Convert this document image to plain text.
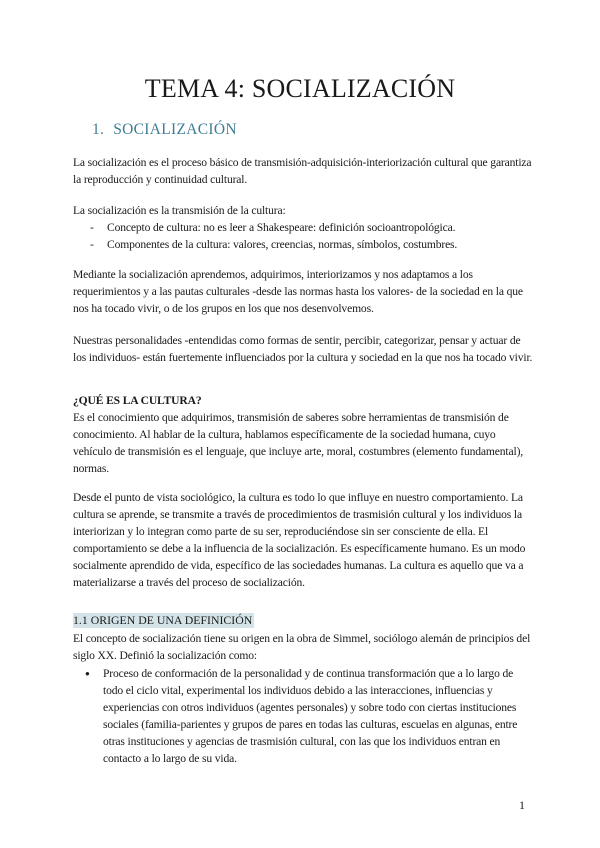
TEMA 4: SOCIALIZACIÓN
1. SOCIALIZACIÓN

La socialización es el proceso básico de transmisión-adquisición-interiorización cultural que garantiza la reproducción y continuidad cultural.

La socialización es la transmisión de la cultura:

- Concepto de cultura: no es leer a Shakespeare: definición socioantropológica.
- Componentes de la cultura: valores, creencias, normas, símbolos, costumbres.

Mediante la socialización aprendemos, adquirimos, interiorizamos y nos adaptamos a los requerimientos y a las pautas culturales -desde las normas hasta los valores- de la sociedad en la que nos ha tocado vivir, o de los grupos en los que nos desenvolvemos.

Nuestras personalidades -entendidas como formas de sentir, percibir, categorizar, pensar y actuar de los individuos- están fuertemente influenciados por la cultura y sociedad en la que nos ha tocado vivir.

¿QUÉ ES LA CULTURA?

Es el conocimiento que adquirimos, transmisión de saberes sobre herramientas de transmisión de conocimiento. Al hablar de la cultura, hablamos específicamente de la sociedad humana, cuyo vehículo de transmisión es el lenguaje, que incluye arte, moral, costumbres (elemento fundamental), normas.

Desde el punto de vista sociológico, la cultura es todo lo que influye en nuestro comportamiento. La cultura se aprende, se transmite a través de procedimientos de trasmisión cultural y los individuos la interiorizan y lo integran como parte de su ser, reproduciéndose sin ser consciente de ella. El comportamiento se debe a la influencia de la socialización. Es específicamente humano. Es un modo socialmente aprendido de vida, específico de las sociedades humanas. La cultura es aquello que va a materializarse a través del proceso de socialización.

1.1 ORIGEN DE UNA DEFINICIÓN

El concepto de socialización tiene su origen en la obra de Simmel, sociólogo alemán de principios del siglo XX. Definió la socialización como:

● Proceso de conformación de la personalidad y de continua transformación que a lo largo de todo el ciclo vital, experimental los individuos debido a las interacciones, influencias y experiencias con otros individuos (agentes personales) y sobre todo con ciertas instituciones sociales (familia-parientes y grupos de pares en todas las culturas, escuelas en algunas, entre otras instituciones y agencias de trasmisión cultural, con las que los individuos entran en contacto a lo largo de su vida.
1
